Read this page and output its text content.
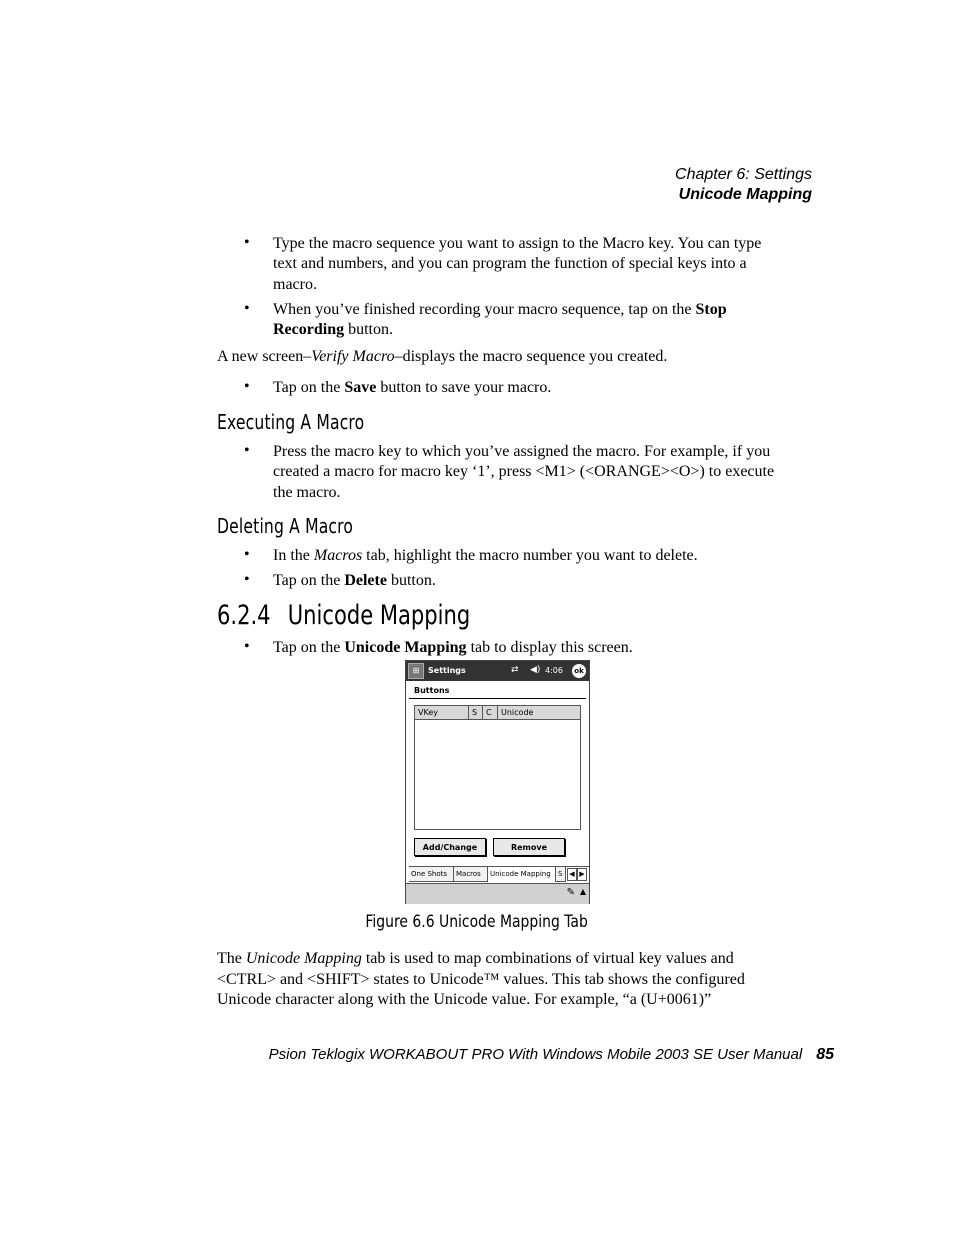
Chapter 6: Settings
Unicode Mapping
• Type the macro sequence you want to assign to the Macro key. You can type text and numbers, and you can program the function of special keys into a macro.
• When you’ve finished recording your macro sequence, tap on the Stop Recording button.
A new screen–Verify Macro–displays the macro sequence you created.
• Tap on the Save button to save your macro.
Executing A Macro
• Press the macro key to which you’ve assigned the macro. For example, if you created a macro for macro key ‘1’, press <M1> (<ORANGE><O>) to execute the macro.
Deleting A Macro
• In the Macros tab, highlight the macro number you want to delete.
• Tap on the Delete button.
6.2.4 Unicode Mapping
• Tap on the Unicode Mapping tab to display this screen.
⊞	Settings	⇄ ◀) 4:06	ok
Buttons
VKey	S	C	Unicode
Add/Change	Remove
One Shots	Macros	Unicode Mapping	S ◀ ▶
✎ ▲
Figure 6.6 Unicode Mapping Tab
The Unicode Mapping tab is used to map combinations of virtual key values and <CTRL> and <SHIFT> states to Unicode™ values. This tab shows the configured Unicode character along with the Unicode value. For example, “a (U+0061)”
Psion Teklogix WORKABOUT PRO With Windows Mobile 2003 SE User Manual 85
